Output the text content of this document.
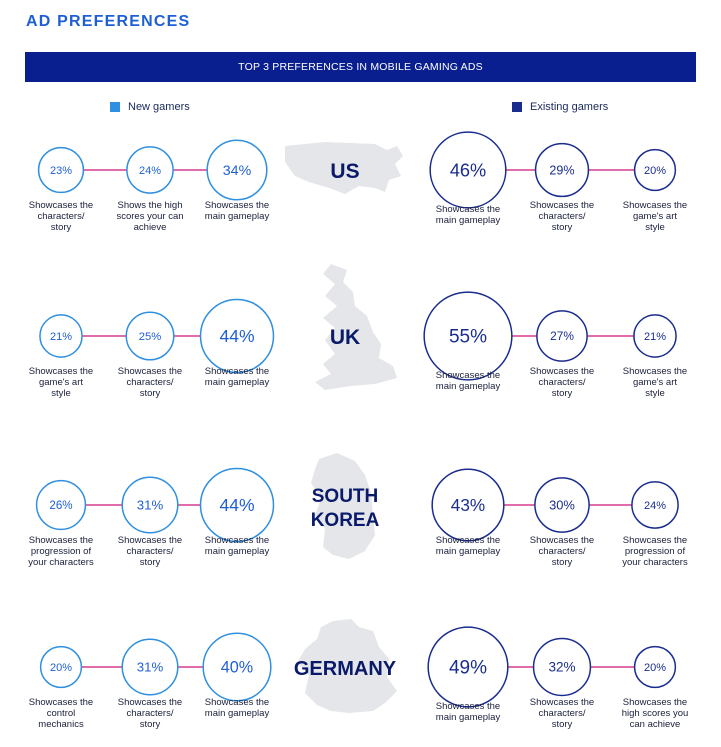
AD PREFERENCES
TOP 3 PREFERENCES IN MOBILE GAMING ADS
New gamers	Existing gamers
US
23%
Showcases the
characters/
story
24%
Shows the high
scores your can
achieve
34%
Showcases the
main gameplay
46%
Showcases the
main gameplay
29%
Showcases the
characters/
story
20%
Showcases the
game's art
style
UK
21%
Showcases the
game's art
style
25%
Showcases the
characters/
story
44%
Showcases the
main gameplay
55%
Showcases the
main gameplay
27%
Showcases the
characters/
story
21%
Showcases the
game's art
style
SOUTH
KOREA
26%
Showcases the
progression of
your characters
31%
Showcases the
characters/
story
44%
Showcases the
main gameplay
43%
Showcases the
main gameplay
30%
Showcases the
characters/
story
24%
Showcases the
progression of
your characters
GERMANY
20%
Showcases the
control
mechanics
31%
Showcases the
characters/
story
40%
Showcases the
main gameplay
49%
Showcases the
main gameplay
32%
Showcases the
characters/
story
20%
Showcases the
high scores you
can achieve
